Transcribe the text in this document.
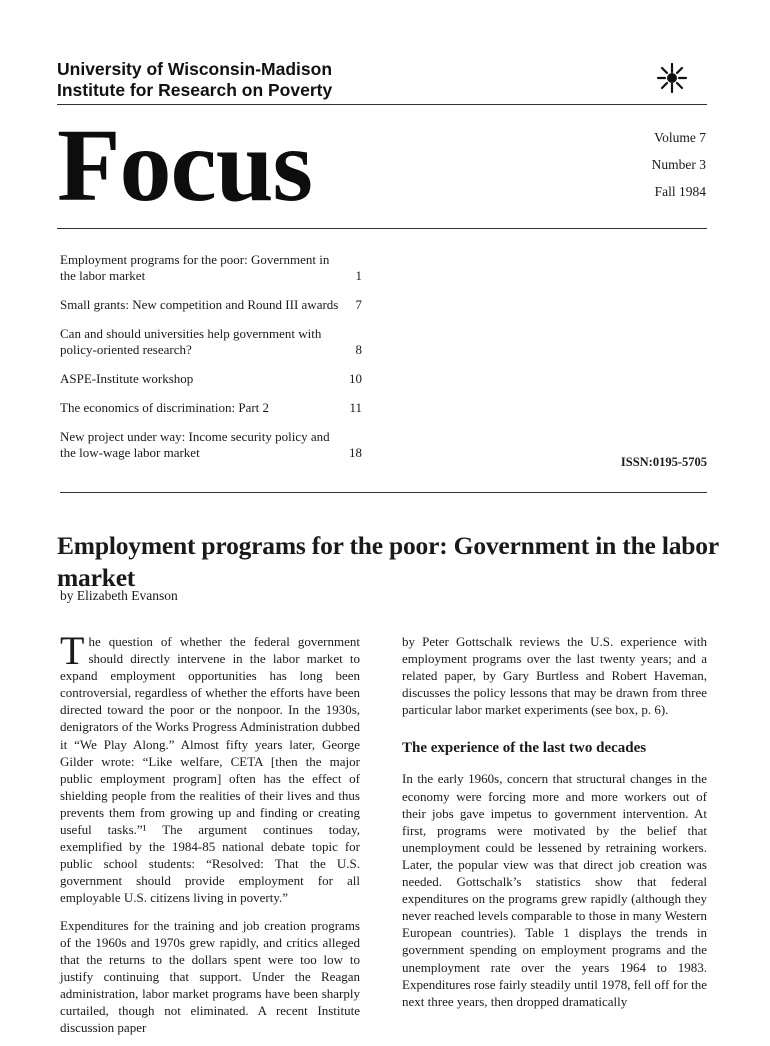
University of Wisconsin-Madison
Institute for Research on Poverty
Focus	Volume 7
Number 3
Fall 1984
Employment programs for the poor: Government in the labor market	1
Small grants: New competition and Round III awards	7
Can and should universities help government with policy-oriented research?	8
ASPE-Institute workshop	10
The economics of discrimination: Part 2	11
New project under way: Income security policy and the low-wage labor market	18
ISSN:0195-5705
Employment programs for the poor: Government in the labor market
by Elizabeth Evanson

The question of whether the federal government should directly intervene in the labor market to expand employment opportunities has long been controversial, regardless of whether the efforts have been directed toward the poor or the nonpoor. In the 1930s, denigrators of the Works Progress Administration dubbed it “We Play Along.” Almost fifty years later, George Gilder wrote: “Like welfare, CETA [then the major public employment program] often has the effect of shielding people from the realities of their lives and thus prevents them from growing up and finding or creating useful tasks.”¹ The argument continues today, exemplified by the 1984-85 national debate topic for public school students: “Resolved: That the U.S. government should provide employment for all employable U.S. citizens living in poverty.”

Expenditures for the training and job creation programs of the 1960s and 1970s grew rapidly, and critics alleged that the returns to the dollars spent were too low to justify continuing that support. Under the Reagan administration, labor market programs have been sharply curtailed, though not eliminated. A recent Institute discussion paper

by Peter Gottschalk reviews the U.S. experience with employment programs over the last twenty years; and a related paper, by Gary Burtless and Robert Haveman, discusses the policy lessons that may be drawn from three particular labor market experiments (see box, p. 6).

The experience of the last two decades

In the early 1960s, concern that structural changes in the economy were forcing more and more workers out of their jobs gave impetus to government intervention. At first, programs were motivated by the belief that unemployment could be lessened by retraining workers. Later, the popular view was that direct job creation was needed. Gottschalk’s statistics show that federal expenditures on the programs grew rapidly (although they never reached levels comparable to those in many Western European countries). Table 1 displays the trends in government spending on employment programs and the unemployment rate over the years 1964 to 1983. Expenditures rose fairly steadily until 1978, fell off for the next three years, then dropped dramatically
